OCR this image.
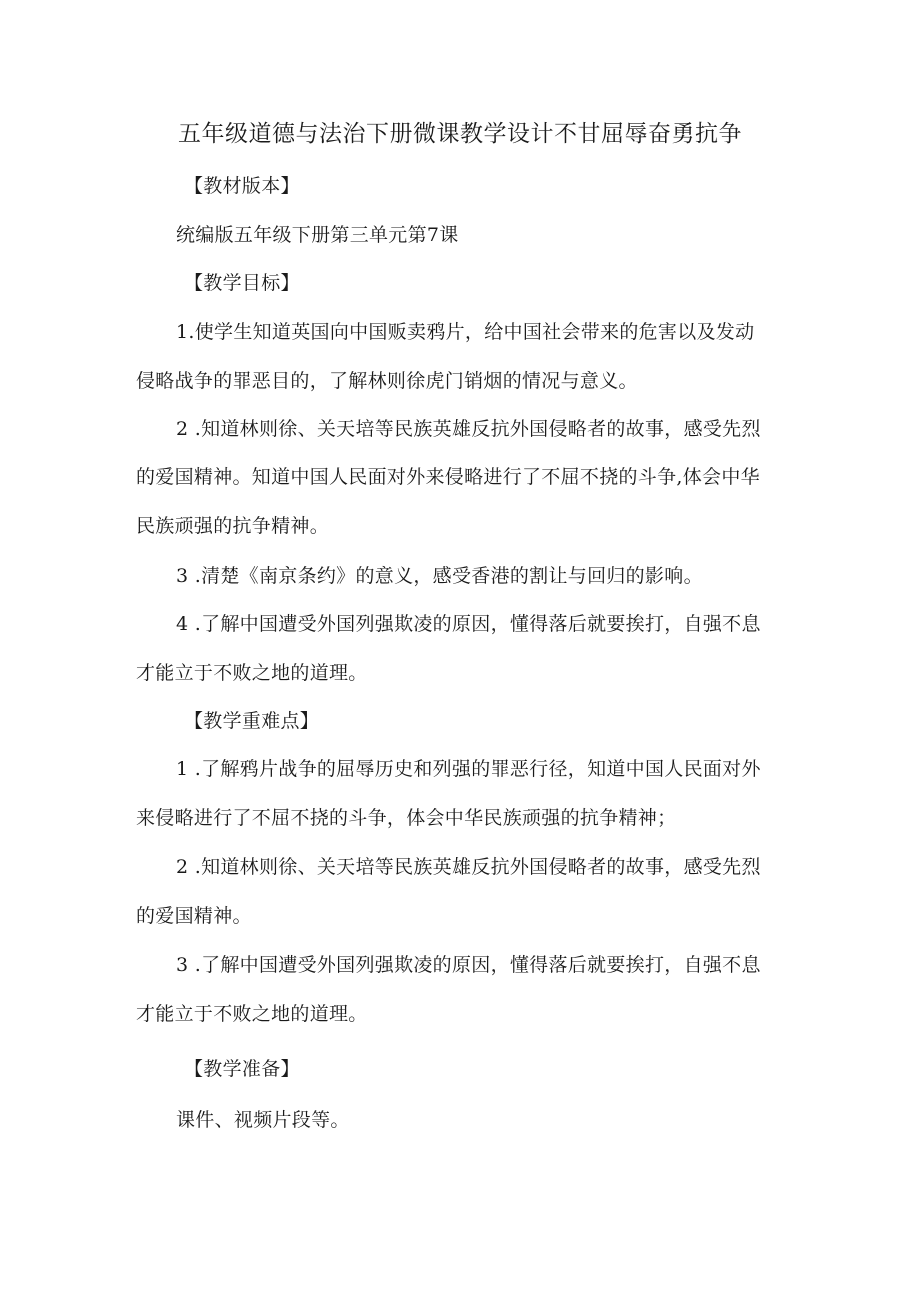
五年级道德与法治下册微课教学设计不甘屈辱奋勇抗争
【教材版本】
统编版五年级下册第三单元第7课
【教学目标】
1.使学生知道英国向中国贩卖鸦片，给中国社会带来的危害以及发动
侵略战争的罪恶目的，了解林则徐虎门销烟的情况与意义。
2 .知道林则徐、关天培等民族英雄反抗外国侵略者的故事，感受先烈
的爱国精神。知道中国人民面对外来侵略进行了不屈不挠的斗争,体会中华
民族顽强的抗争精神。
3 .清楚《南京条约》的意义，感受香港的割让与回归的影响。
4 .了解中国遭受外国列强欺凌的原因，懂得落后就要挨打，自强不息
才能立于不败之地的道理。
【教学重难点】
1 .了解鸦片战争的屈辱历史和列强的罪恶行径，知道中国人民面对外
来侵略进行了不屈不挠的斗争，体会中华民族顽强的抗争精神；
2 .知道林则徐、关天培等民族英雄反抗外国侵略者的故事，感受先烈
的爱国精神。
3 .了解中国遭受外国列强欺凌的原因，懂得落后就要挨打，自强不息
才能立于不败之地的道理。
【教学准备】
课件、视频片段等。
